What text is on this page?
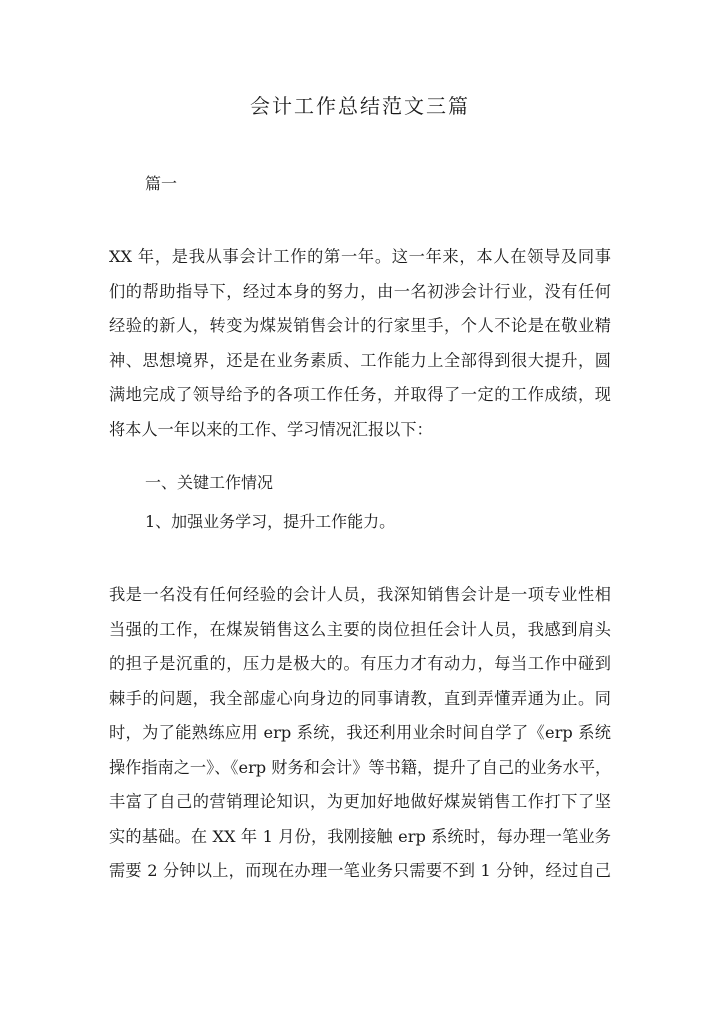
会计工作总结范文三篇
篇一
XX 年，是我从事会计工作的第一年。这一年来，本人在领导及同事
们的帮助指导下，经过本身的努力，由一名初涉会计行业，没有任何
经验的新人，转变为煤炭销售会计的行家里手，个人不论是在敬业精
神、思想境界，还是在业务素质、工作能力上全部得到很大提升，圆
满地完成了领导给予的各项工作任务，并取得了一定的工作成绩，现
将本人一年以来的工作、学习情况汇报以下：
一、关键工作情况
1、加强业务学习，提升工作能力。
我是一名没有任何经验的会计人员，我深知销售会计是一项专业性相
当强的工作，在煤炭销售这么主要的岗位担任会计人员，我感到肩头
的担子是沉重的，压力是极大的。有压力才有动力，每当工作中碰到
棘手的问题，我全部虚心向身边的同事请教，直到弄懂弄通为止。同
时，为了能熟练应用 erp 系统，我还利用业余时间自学了《erp 系统
操作指南之一》、《erp 财务和会计》等书籍，提升了自己的业务水平，
丰富了自己的营销理论知识，为更加好地做好煤炭销售工作打下了坚
实的基础。在 XX 年 1 月份，我刚接触 erp 系统时，每办理一笔业务
需要 2 分钟以上，而现在办理一笔业务只需要不到 1 分钟，经过自己
